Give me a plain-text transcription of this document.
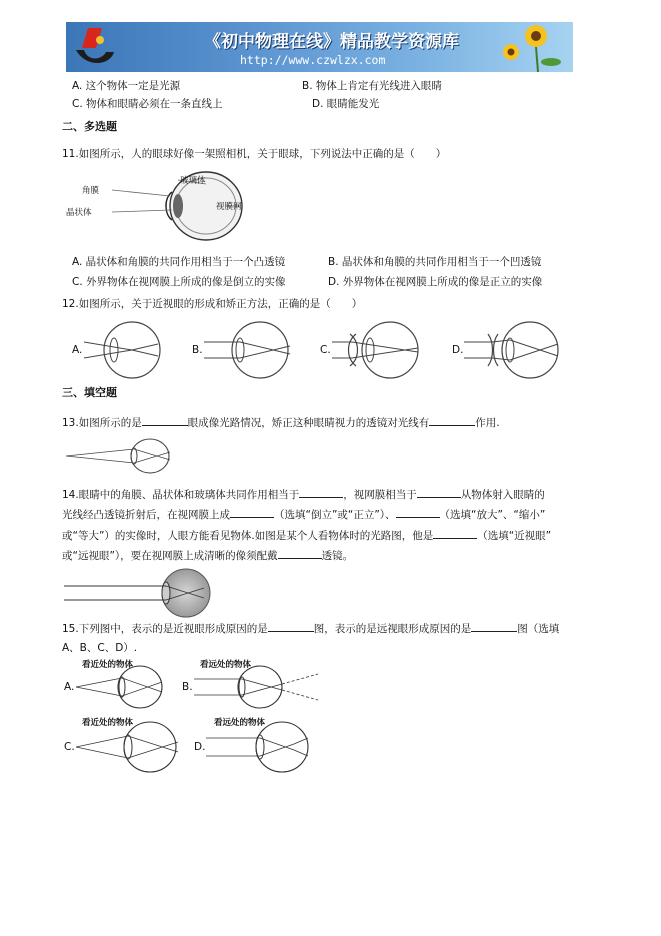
《初中物理在线》精品教学资源库
http://www.czwlzx.com
A. 这个物体一定是光源	B. 物体上肯定有光线进入眼睛
C. 物体和眼睛必须在一条直线上	D. 眼睛能发光
二、多选题
11.如图所示，人的眼球好像一架照相机，关于眼球，下列说法中正确的是（　　）
角膜
晶状体
玻璃体
视膜网
A. 晶状体和角膜的共同作用相当于一个凸透镜	B. 晶状体和角膜的共同作用相当于一个凹透镜
C. 外界物体在视网膜上所成的像是倒立的实像	D. 外界物体在视网膜上所成的像是正立的实像
12.如图所示，关于近视眼的形成和矫正方法，正确的是（　　）
A.	B.	C.	D.
三、填空题
13.如图所示的是	眼成像光路情况，矫正这种眼睛视力的透镜对光线有	作用.
14.眼睛中的角膜、晶状体和玻璃体共同作用相当于	，视网膜相当于	从物体射入眼睛的
光线经凸透镜折射后，在视网膜上成	（选填“倒立”或“正立”）、	（选填“放大”、“缩小”
或“等大”）的实像时，人眼方能看见物体.如图是某个人看物体时的光路图，他是	（选填“近视眼”
或“远视眼”），要在视网膜上成清晰的像须配戴	透镜。
15.下列图中，表示的是近视眼形成原因的是	图，表示的是远视眼形成原因的是	图（选填
A、B、C、D）.
A.
看近处的物体
B.
看远处的物体
C.
看近处的物体
D.
看远处的物体
